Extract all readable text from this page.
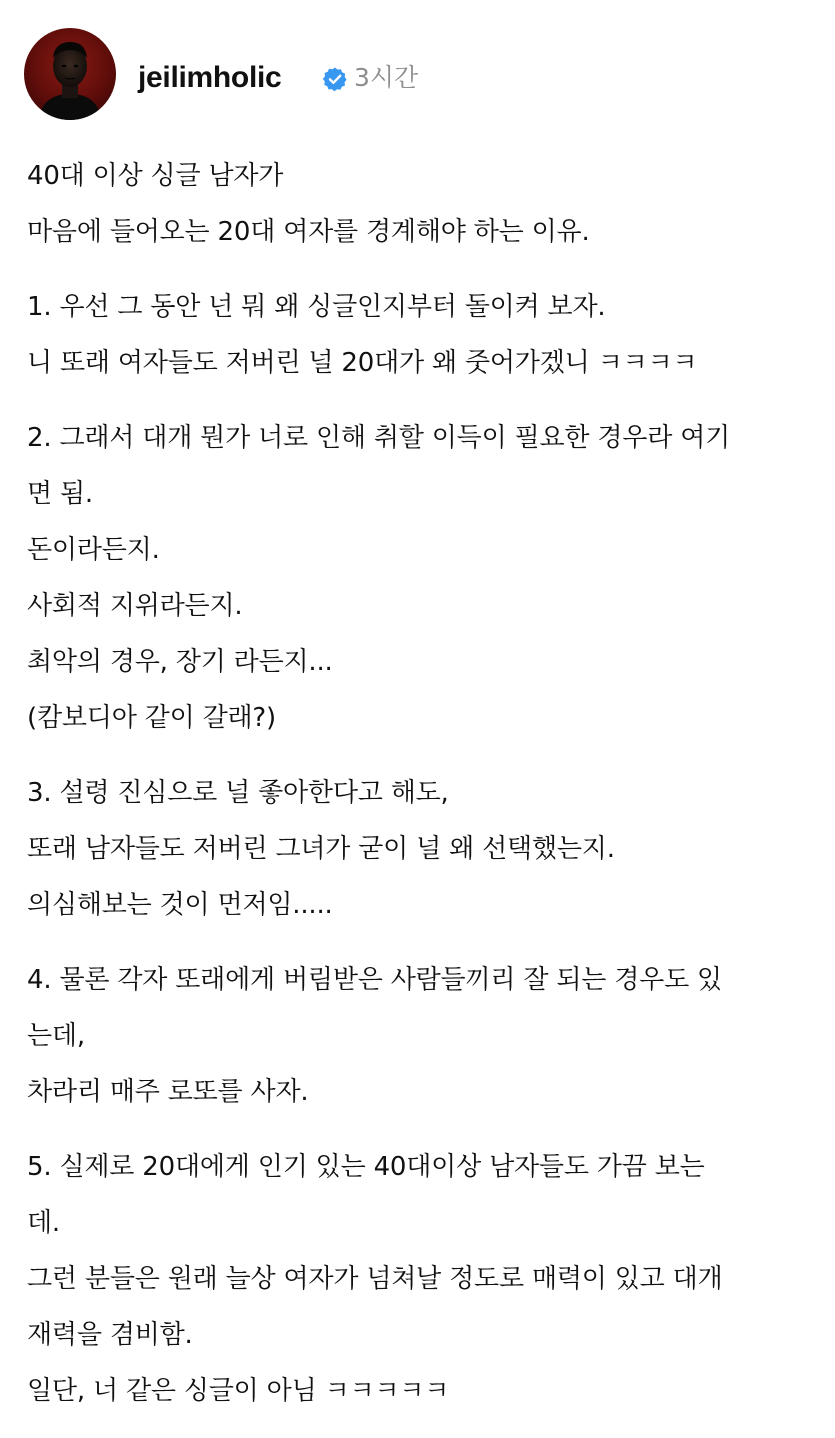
jeilimholic	3시간
40대 이상 싱글 남자가
마음에 들어오는 20대 여자를 경계해야 하는 이유.
1. 우선 그 동안 넌 뭐 왜 싱글인지부터 돌이켜 보자.
니 또래 여자들도 저버린 널 20대가 왜 줏어가겠니 ㅋㅋㅋㅋ
2. 그래서 대개 뭔가 너로 인해 취할 이득이 필요한 경우라 여기
면 됨.
돈이라든지.
사회적 지위라든지.
최악의 경우, 장기 라든지...
(캄보디아 같이 갈래?)
3. 설령 진심으로 널 좋아한다고 해도,
또래 남자들도 저버린 그녀가 굳이 널 왜 선택했는지.
의심해보는 것이 먼저임.....
4. 물론 각자 또래에게 버림받은 사람들끼리 잘 되는 경우도 있
는데,
차라리 매주 로또를 사자.
5. 실제로 20대에게 인기 있는 40대이상 남자들도 가끔 보는
데.
그런 분들은 원래 늘상 여자가 넘쳐날 정도로 매력이 있고 대개
재력을 겸비함.
일단, 너 같은 싱글이 아님 ㅋㅋㅋㅋㅋ
